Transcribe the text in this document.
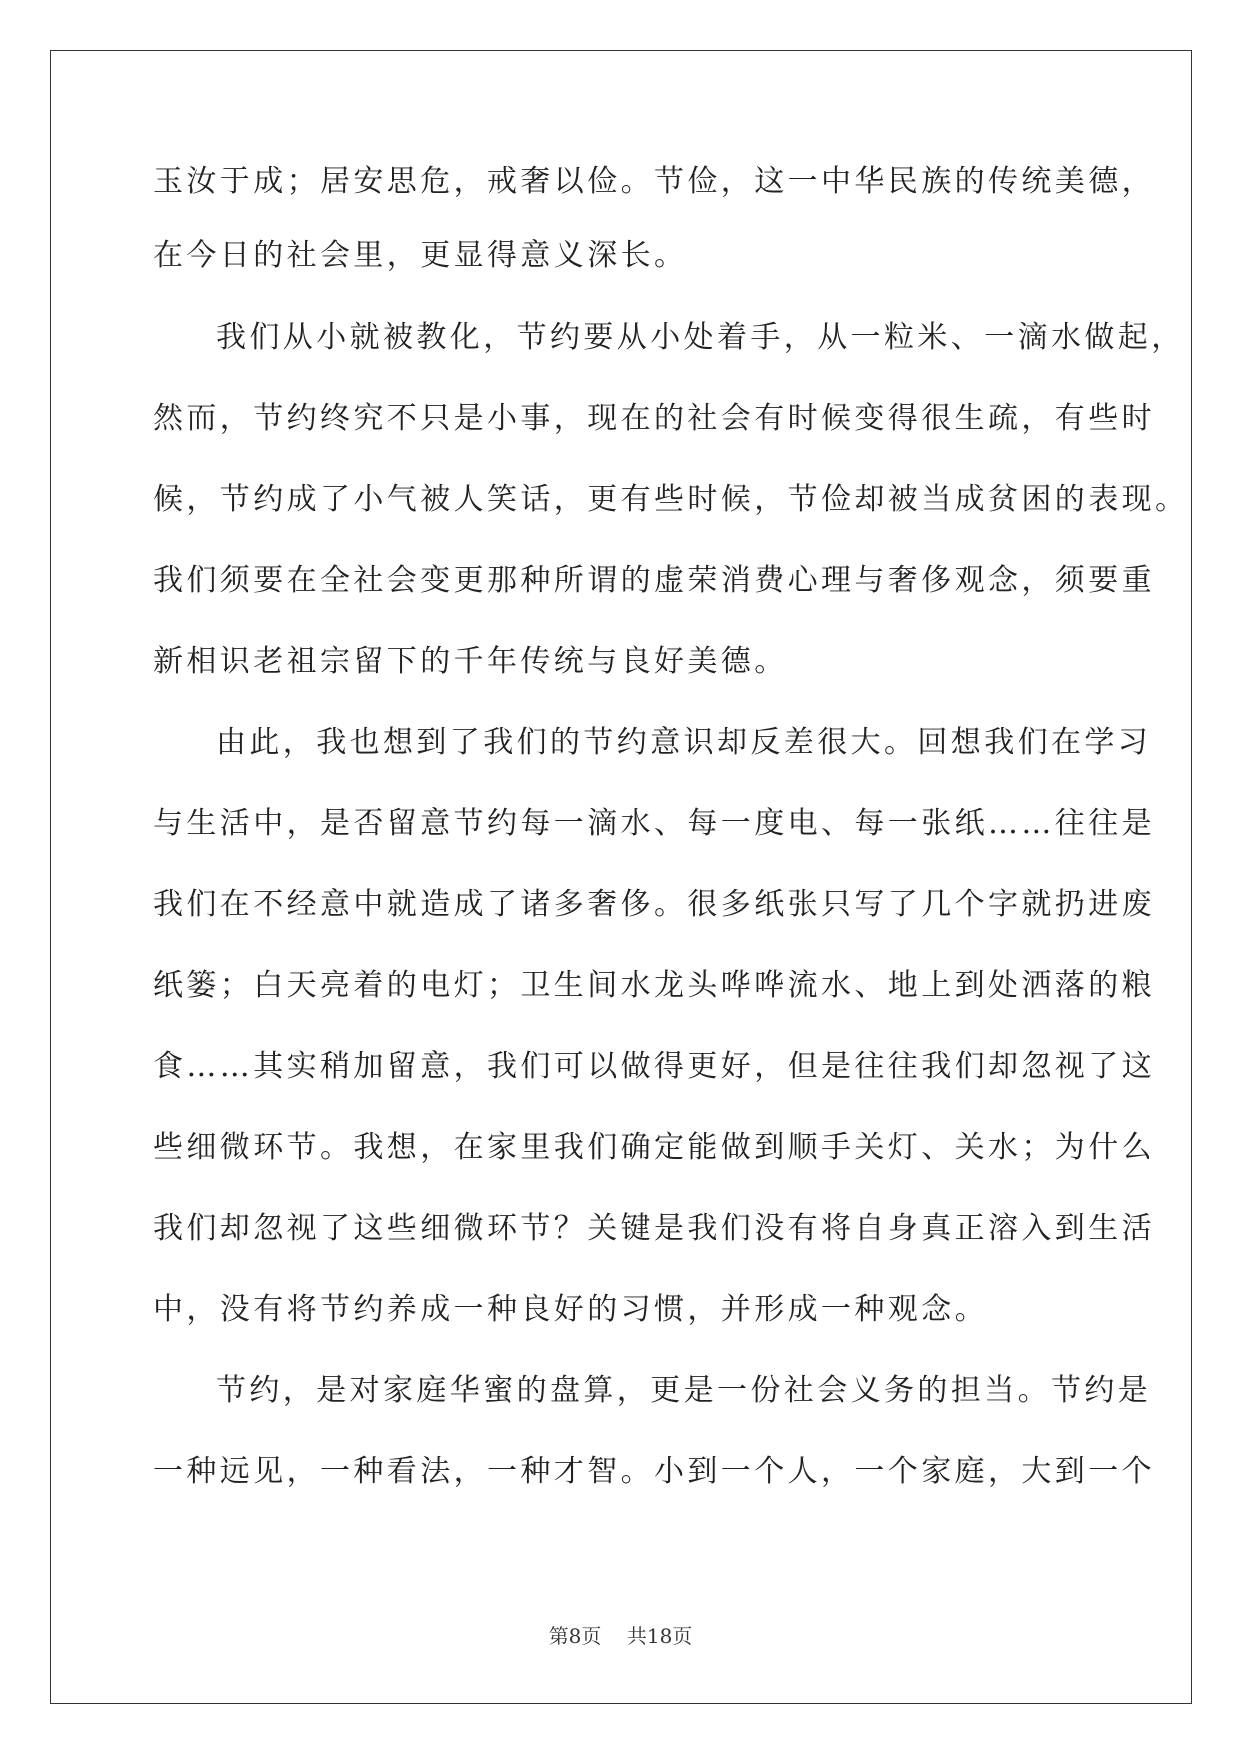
玉汝于成；居安思危，戒奢以俭。节俭，这一中华民族的传统美德，
在今日的社会里，更显得意义深长。
我们从小就被教化，节约要从小处着手，从一粒米、一滴水做起，
然而，节约终究不只是小事，现在的社会有时候变得很生疏，有些时
候，节约成了小气被人笑话，更有些时候，节俭却被当成贫困的表现。
我们须要在全社会变更那种所谓的虚荣消费心理与奢侈观念，须要重
新相识老祖宗留下的千年传统与良好美德。
由此，我也想到了我们的节约意识却反差很大。回想我们在学习
与生活中，是否留意节约每一滴水、每一度电、每一张纸……往往是
我们在不经意中就造成了诸多奢侈。很多纸张只写了几个字就扔进废
纸篓；白天亮着的电灯；卫生间水龙头哗哗流水、地上到处洒落的粮
食……其实稍加留意，我们可以做得更好，但是往往我们却忽视了这
些细微环节。我想，在家里我们确定能做到顺手关灯、关水；为什么
我们却忽视了这些细微环节？关键是我们没有将自身真正溶入到生活
中，没有将节约养成一种良好的习惯，并形成一种观念。
节约，是对家庭华蜜的盘算，更是一份社会义务的担当。节约是
一种远见，一种看法，一种才智。小到一个人，一个家庭，大到一个
第8页    共18页
